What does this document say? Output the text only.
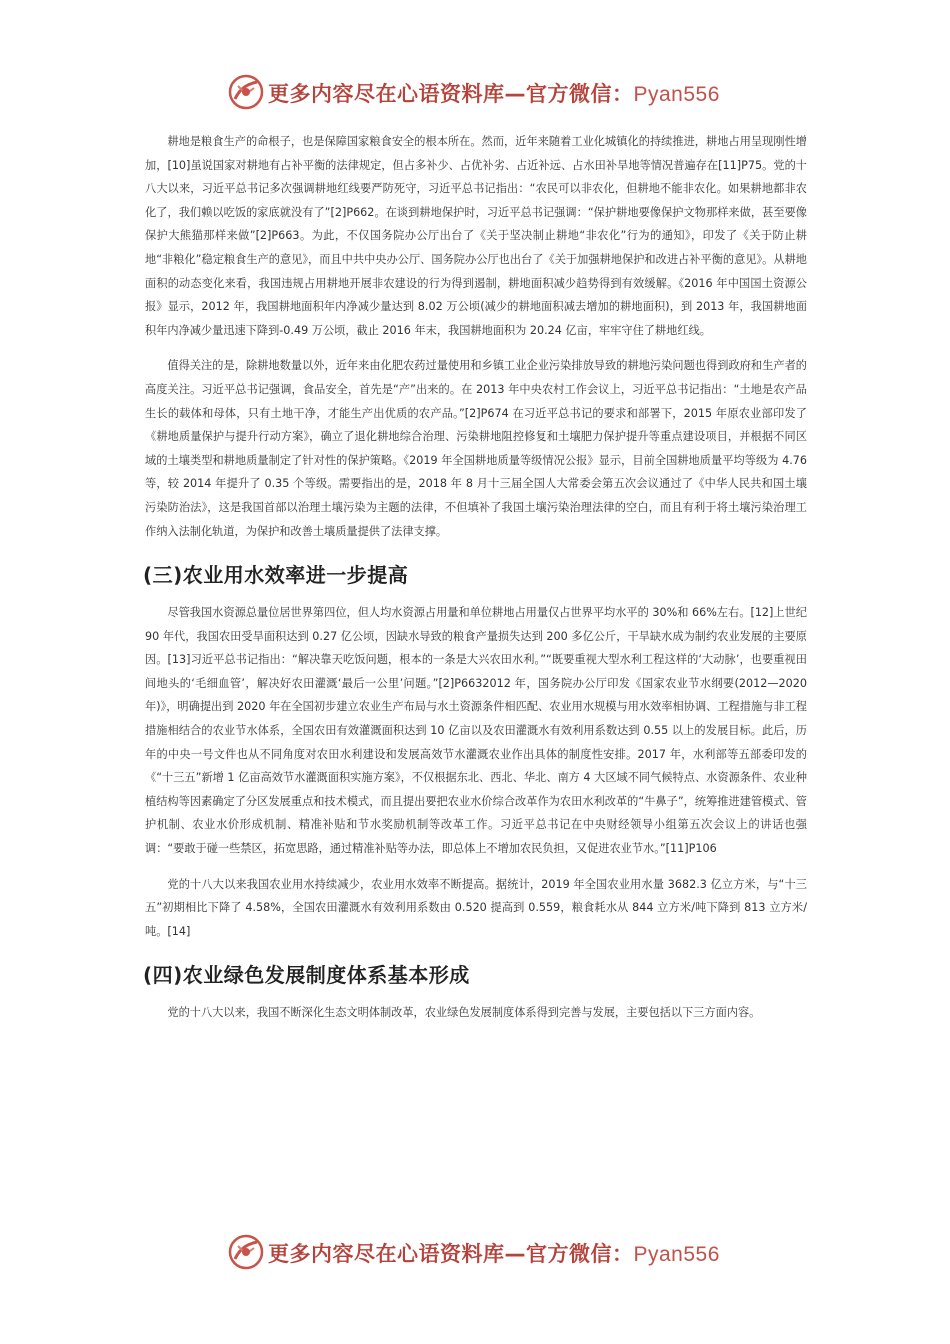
更多内容尽在心语资料库—官方微信：Pyan556

耕地是粮食生产的命根子，也是保障国家粮食安全的根本所在。然而，近年来随着工业化城镇化的持续推进，耕地占用呈现刚性增加，[10]虽说国家对耕地有占补平衡的法律规定，但占多补少、占优补劣、占近补远、占水田补旱地等情况普遍存在[11]P75。党的十八大以来，习近平总书记多次强调耕地红线要严防死守，习近平总书记指出：“农民可以非农化，但耕地不能非农化。如果耕地都非农化了，我们赖以吃饭的家底就没有了”[2]P662。在谈到耕地保护时，习近平总书记强调：“保护耕地要像保护文物那样来做，甚至要像保护大熊猫那样来做”[2]P663。为此，不仅国务院办公厅出台了《关于坚决制止耕地“非农化”行为的通知》，印发了《关于防止耕地“非粮化”稳定粮食生产的意见》，而且中共中央办公厅、国务院办公厅也出台了《关于加强耕地保护和改进占补平衡的意见》。从耕地面积的动态变化来看，我国违规占用耕地开展非农建设的行为得到遏制，耕地面积减少趋势得到有效缓解。《2016 年中国国土资源公报》显示，2012 年，我国耕地面积年内净减少量达到 8.02 万公顷(减少的耕地面积减去增加的耕地面积)，到 2013 年，我国耕地面积年内净减少量迅速下降到-0.49 万公顷，截止 2016 年末，我国耕地面积为 20.24 亿亩，牢牢守住了耕地红线。

值得关注的是，除耕地数量以外，近年来由化肥农药过量使用和乡镇工业企业污染排放导致的耕地污染问题也得到政府和生产者的高度关注。习近平总书记强调，食品安全，首先是“产”出来的。在 2013 年中央农村工作会议上，习近平总书记指出：“土地是农产品生长的载体和母体，只有土地干净，才能生产出优质的农产品。”[2]P674 在习近平总书记的要求和部署下，2015 年原农业部印发了《耕地质量保护与提升行动方案》，确立了退化耕地综合治理、污染耕地阻控修复和土壤肥力保护提升等重点建设项目，并根据不同区域的土壤类型和耕地质量制定了针对性的保护策略。《2019 年全国耕地质量等级情况公报》显示，目前全国耕地质量平均等级为 4.76 等，较 2014 年提升了 0.35 个等级。需要指出的是，2018 年 8 月十三届全国人大常委会第五次会议通过了《中华人民共和国土壤污染防治法》，这是我国首部以治理土壤污染为主题的法律，不但填补了我国土壤污染治理法律的空白，而且有利于将土壤污染治理工作纳入法制化轨道，为保护和改善土壤质量提供了法律支撑。

(三)农业用水效率进一步提高

尽管我国水资源总量位居世界第四位，但人均水资源占用量和单位耕地占用量仅占世界平均水平的 30%和 66%左右。[12]上世纪 90 年代，我国农田受旱面积达到 0.27 亿公顷，因缺水导致的粮食产量损失达到 200 多亿公斤，干旱缺水成为制约农业发展的主要原因。[13]习近平总书记指出：“解决靠天吃饭问题，根本的一条是大兴农田水利。”“既要重视大型水利工程这样的‘大动脉’，也要重视田间地头的‘毛细血管’，解决好农田灌溉‘最后一公里’问题。”[2]P6632012 年，国务院办公厅印发《国家农业节水纲要(2012—2020 年)》，明确提出到 2020 年在全国初步建立农业生产布局与水土资源条件相匹配、农业用水规模与用水效率相协调、工程措施与非工程措施相结合的农业节水体系，全国农田有效灌溉面积达到 10 亿亩以及农田灌溉水有效利用系数达到 0.55 以上的发展目标。此后，历年的中央一号文件也从不同角度对农田水利建设和发展高效节水灌溉农业作出具体的制度性安排。2017 年，水利部等五部委印发的《“十三五”新增 1 亿亩高效节水灌溉面积实施方案》，不仅根据东北、西北、华北、南方 4 大区域不同气候特点、水资源条件、农业种植结构等因素确定了分区发展重点和技术模式，而且提出要把农业水价综合改革作为农田水利改革的“牛鼻子”，统筹推进建管模式、管护机制、农业水价形成机制、精准补贴和节水奖励机制等改革工作。习近平总书记在中央财经领导小组第五次会议上的讲话也强调：“要敢于碰一些禁区，拓宽思路，通过精准补贴等办法，即总体上不增加农民负担，又促进农业节水。”[11]P106

党的十八大以来我国农业用水持续减少，农业用水效率不断提高。据统计，2019 年全国农业用水量 3682.3 亿立方米，与“十三五”初期相比下降了 4.58%，全国农田灌溉水有效利用系数由 0.520 提高到 0.559，粮食耗水从 844 立方米/吨下降到 813 立方米/吨。[14]

(四)农业绿色发展制度体系基本形成

党的十八大以来，我国不断深化生态文明体制改革，农业绿色发展制度体系得到完善与发展，主要包括以下三方面内容。

更多内容尽在心语资料库—官方微信：Pyan556
